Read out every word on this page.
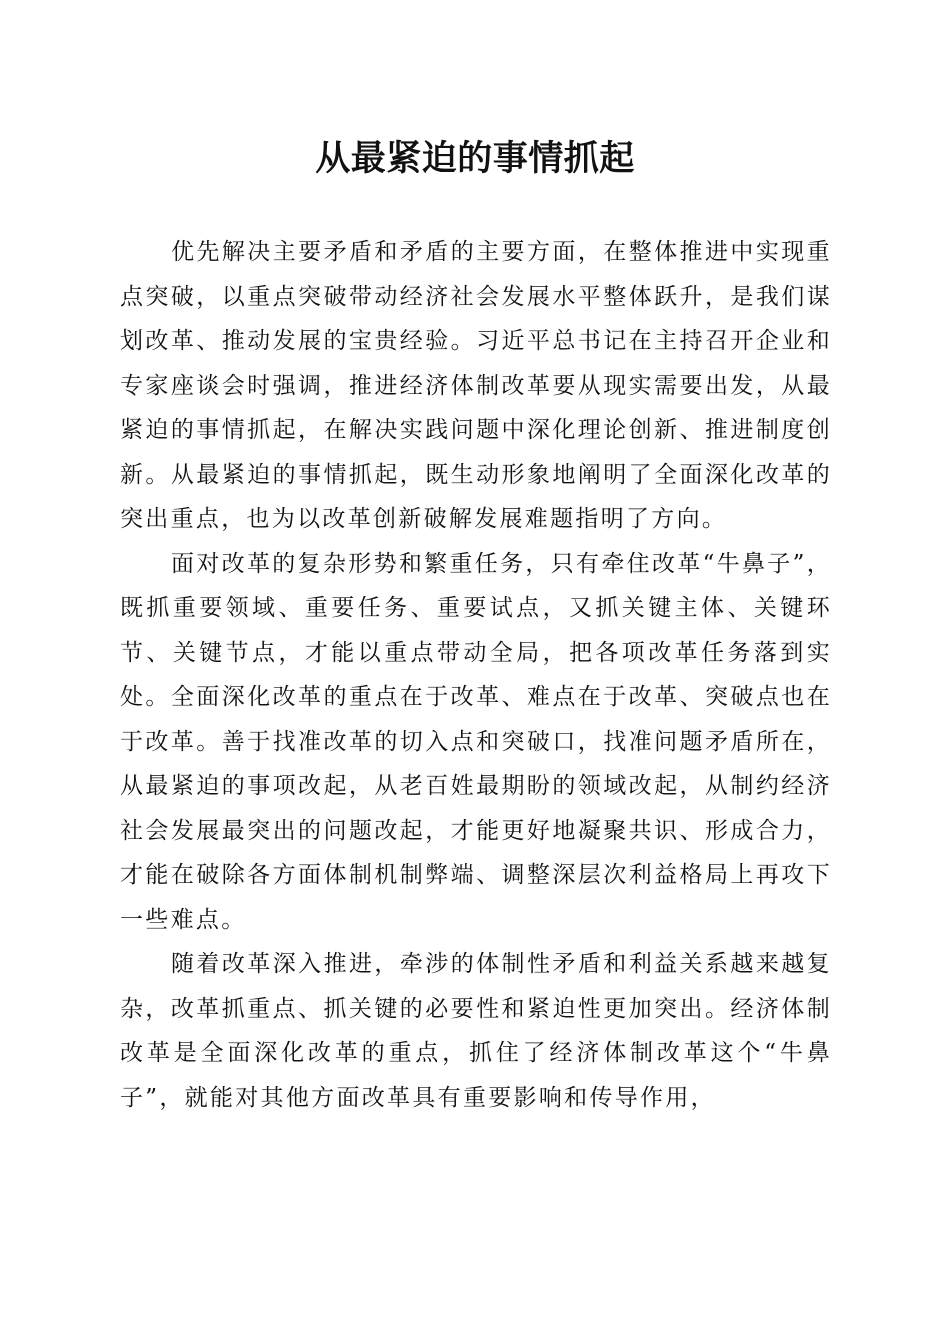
从最紧迫的事情抓起

优先解决主要矛盾和矛盾的主要方面，在整体推进中实现重点突破，以重点突破带动经济社会发展水平整体跃升，是我们谋划改革、推动发展的宝贵经验。习近平总书记在主持召开企业和专家座谈会时强调，推进经济体制改革要从现实需要出发，从最紧迫的事情抓起，在解决实践问题中深化理论创新、推进制度创新。从最紧迫的事情抓起，既生动形象地阐明了全面深化改革的突出重点，也为以改革创新破解发展难题指明了方向。

面对改革的复杂形势和繁重任务，只有牵住改革“牛鼻子”，既抓重要领域、重要任务、重要试点，又抓关键主体、关键环节、关键节点，才能以重点带动全局，把各项改革任务落到实处。全面深化改革的重点在于改革、难点在于改革、突破点也在于改革。善于找准改革的切入点和突破口，找准问题矛盾所在，从最紧迫的事项改起，从老百姓最期盼的领域改起，从制约经济社会发展最突出的问题改起，才能更好地凝聚共识、形成合力，才能在破除各方面体制机制弊端、调整深层次利益格局上再攻下一些难点。

随着改革深入推进，牵涉的体制性矛盾和利益关系越来越复杂，改革抓重点、抓关键的必要性和紧迫性更加突出。经济体制改革是全面深化改革的重点，抓住了经济体制改革这个“牛鼻子”，就能对其他方面改革具有重要影响和传导作用，
